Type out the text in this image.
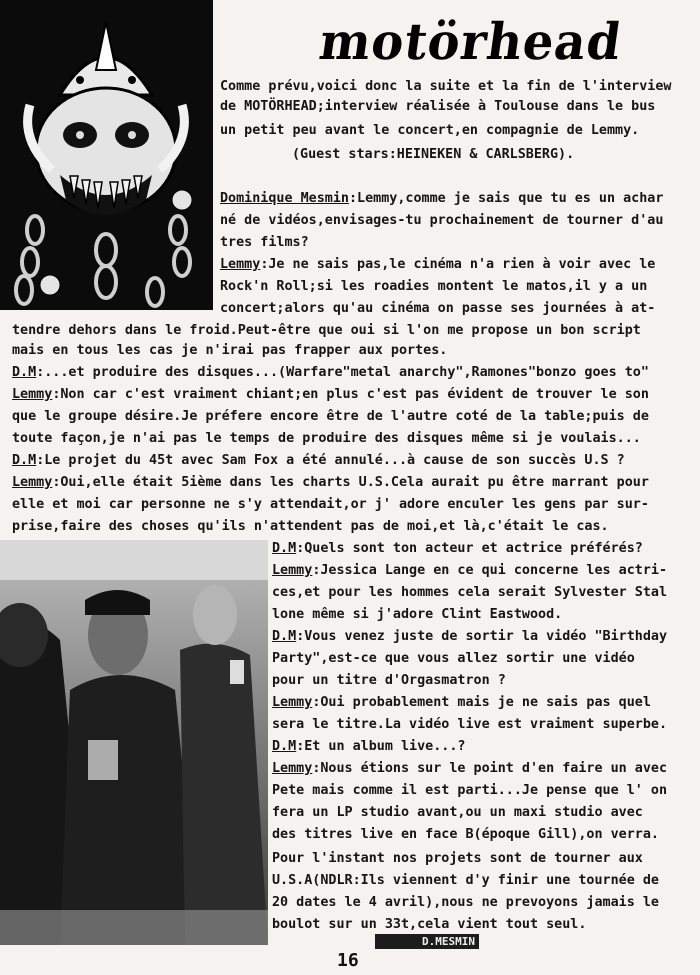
motörhead
Comme prévu,voici donc la suite et la fin de l'interview
de MOTÖRHEAD;interview réalisée à Toulouse dans le bus
un petit peu avant le concert,en compagnie de Lemmy.
(Guest stars:HEINEKEN & CARLSBERG).
Dominique Mesmin:Lemmy,comme je sais que tu es un achar
né de vidéos,envisages-tu prochainement de tourner d'au
tres films?
Lemmy:Je ne sais pas,le cinéma n'a rien à voir avec le
Rock'n Roll;si les roadies montent le matos,il y a un
concert;alors qu'au cinéma on passe ses journées à at-
tendre dehors dans le froid.Peut-être que oui si l'on me propose un bon script
mais en tous les cas je n'irai pas frapper aux portes.
D.M:...et produire des disques...(Warfare"metal anarchy",Ramones"bonzo goes to"
Lemmy:Non car c'est vraiment chiant;en plus c'est pas évident de trouver le son
que le groupe désire.Je préfere encore être de l'autre coté de la table;puis de
toute façon,je n'ai pas le temps de produire des disques même si je voulais...
D.M:Le projet du 45t avec Sam Fox a été annulé...à cause de son succès U.S ?
Lemmy:Oui,elle était 5ième dans les charts U.S.Cela aurait pu être marrant pour
elle et moi car personne ne s'y attendait,or j' adore enculer les gens par sur-
prise,faire des choses qu'ils n'attendent pas de moi,et là,c'était le cas.
D.M:Quels sont ton acteur et actrice préférés?
Lemmy:Jessica Lange en ce qui concerne les actri-
ces,et pour les hommes cela serait Sylvester Stal
lone même si j'adore Clint Eastwood.
D.M:Vous venez juste de sortir la vidéo "Birthday
Party",est-ce que vous allez sortir une vidéo
pour un titre d'Orgasmatron ?
Lemmy:Oui probablement mais je ne sais pas quel
sera le titre.La vidéo live est vraiment superbe.
D.M:Et un album live...?
Lemmy:Nous étions sur le point d'en faire un avec
Pete mais comme il est parti...Je pense que l' on
fera un LP studio avant,ou un maxi studio avec
des titres live en face B(époque Gill),on verra.
Pour l'instant nos projets sont de tourner aux
U.S.A(NDLR:Ils viennent d'y finir une tournée de
20 dates le 4 avril),nous ne prevoyons jamais le
boulot sur un 33t,cela vient tout seul.
D.MESMIN
16
